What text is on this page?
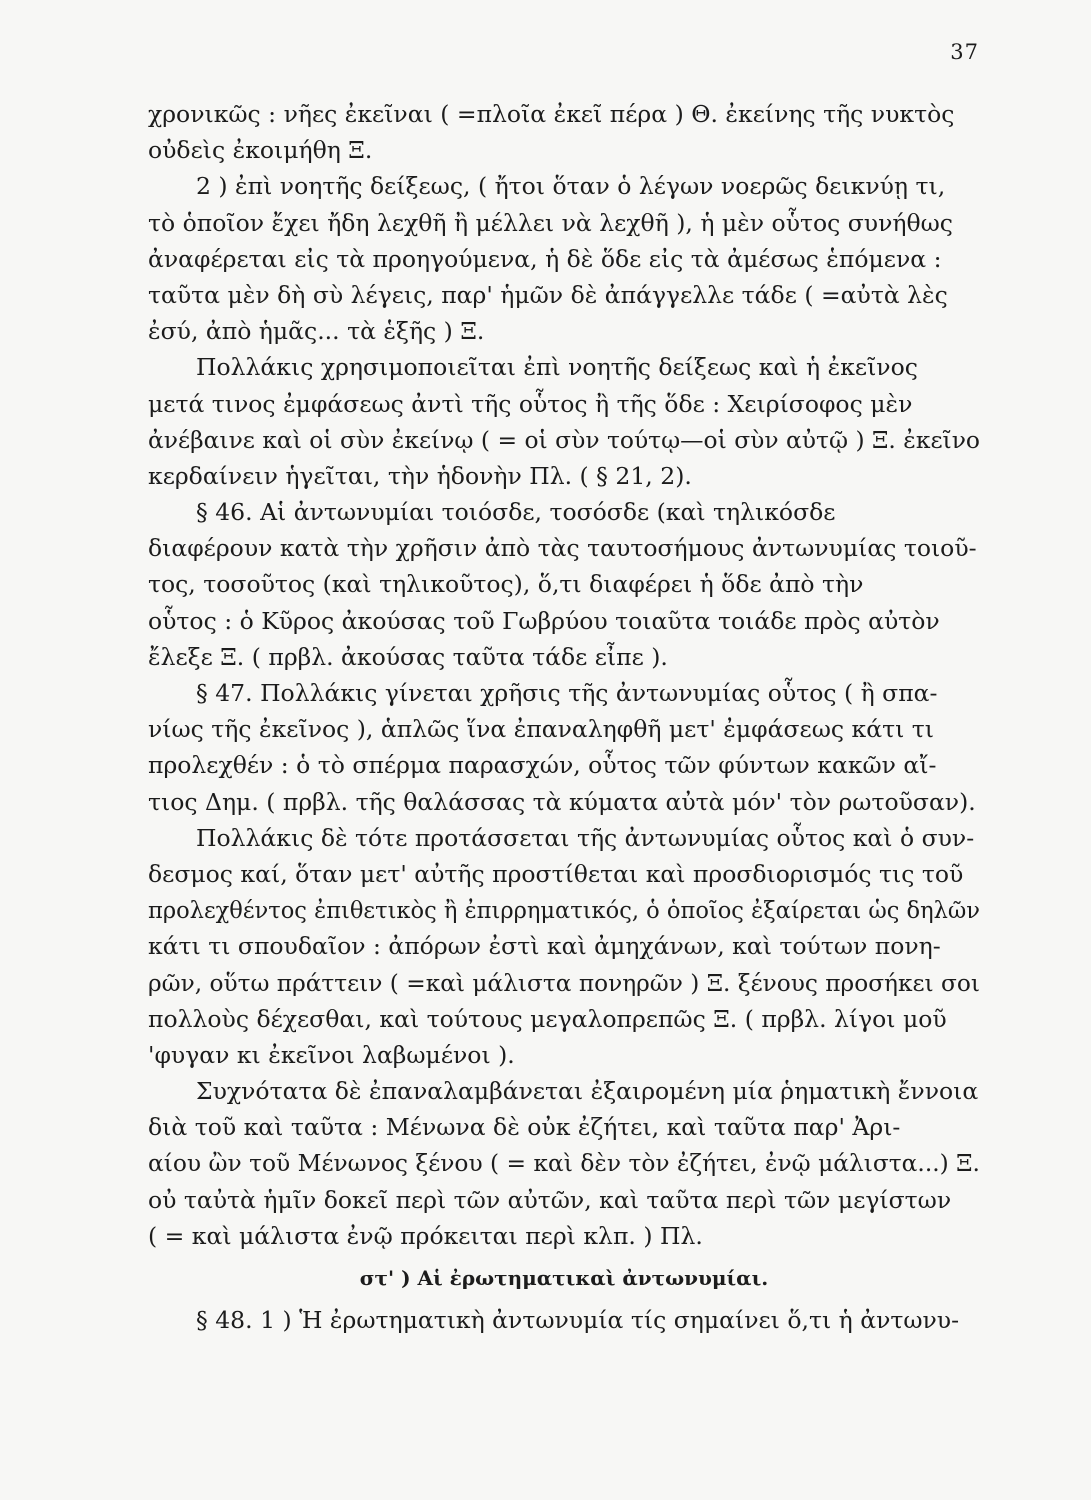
37
χρονικῶς : νῆες ἐκεῖναι ( =πλοῖα ἐκεῖ πέρα ) Θ. ἐκείνης τῆς νυκτὸς
οὐδεὶς ἐκοιμήθη Ξ.
2 ) ἐπὶ νοητῆς δείξεως, ( ἤτοι ὅταν ὁ λέγων νοερῶς δεικνύῃ τι,
τὸ ὁποῖον ἔχει ἤδη λεχθῆ ἢ μέλλει νὰ λεχθῆ ), ἡ μὲν οὗτος συνήθως
ἀναφέρεται εἰς τὰ προηγούμενα, ἡ δὲ ὅδε εἰς τὰ ἀμέσως ἑπόμενα :
ταῦτα μὲν δὴ σὺ λέγεις, παρ' ἡμῶν δὲ ἀπάγγελλε τάδε ( =αὐτὰ λὲς
ἐσύ, ἀπὸ ἡμᾶς... τὰ ἑξῆς ) Ξ.
Πολλάκις χρησιμοποιεῖται ἐπὶ νοητῆς δείξεως καὶ ἡ ἐκεῖνος
μετά τινος ἐμφάσεως ἀντὶ τῆς οὗτος ἢ τῆς ὅδε : Χειρίσοφος μὲν
ἀνέβαινε καὶ οἱ σὺν ἐκείνῳ ( = οἱ σὺν τούτῳ—οἱ σὺν αὐτῷ ) Ξ. ἐκεῖνο
κερδαίνειν ἡγεῖται, τὴν ἡδονὴν Πλ. ( § 21, 2).
§ 46. Αἱ ἀντωνυμίαι τοιόσδε, τοσόσδε (καὶ τηλικόσδε
διαφέρουν κατὰ τὴν χρῆσιν ἀπὸ τὰς ταυτοσήμους ἀντωνυμίας τοιοῦ-
τος, τοσοῦτος (καὶ τηλικοῦτος), ὅ,τι διαφέρει ἡ ὅδε ἀπὸ τὴν
οὗτος : ὁ Κῦρος ἀκούσας τοῦ Γωβρύου τοιαῦτα τοιάδε πρὸς αὐτὸν
ἔλεξε Ξ. ( πρβλ. ἀκούσας ταῦτα τάδε εἶπε ).
§ 47. Πολλάκις γίνεται χρῆσις τῆς ἀντωνυμίας οὗτος ( ἢ σπα-
νίως τῆς ἐκεῖνος ), ἁπλῶς ἵνα ἐπαναληφθῆ μετ' ἐμφάσεως κάτι τι
προλεχθέν : ὁ τὸ σπέρμα παρασχών, οὗτος τῶν φύντων κακῶν αἴ-
τιος Δημ. ( πρβλ. τῆς θαλάσσας τὰ κύματα αὐτὰ μόν' τὸν ρωτοῦσαν).
Πολλάκις δὲ τότε προτάσσεται τῆς ἀντωνυμίας οὗτος καὶ ὁ συν-
δεσμος καί, ὅταν μετ' αὐτῆς προστίθεται καὶ προσδιορισμός τις τοῦ
προλεχθέντος ἐπιθετικὸς ἢ ἐπιρρηματικός, ὁ ὁποῖος ἐξαίρεται ὡς δηλῶν
κάτι τι σπουδαῖον : ἀπόρων ἐστὶ καὶ ἀμηχάνων, καὶ τούτων πονη-
ρῶν, οὕτω πράττειν ( =καὶ μάλιστα πονηρῶν ) Ξ. ξένους προσήκει σοι
πολλοὺς δέχεσθαι, καὶ τούτους μεγαλοπρεπῶς Ξ. ( πρβλ. λίγοι μοῦ
'φυγαν κι ἐκεῖνοι λαβωμένοι ).
Συχνότατα δὲ ἐπαναλαμβάνεται ἐξαιρομένη μία ῥηματικὴ ἔννοια
διὰ τοῦ καὶ ταῦτα : Μένωνα δὲ οὐκ ἐζήτει, καὶ ταῦτα παρ' Ἀρι-
αίου ὢν τοῦ Μένωνος ξένου ( = καὶ δὲν τὸν ἐζήτει, ἐνῷ μάλιστα...) Ξ.
οὐ ταὐτὰ ἡμῖν δοκεῖ περὶ τῶν αὐτῶν, καὶ ταῦτα περὶ τῶν μεγίστων
( = καὶ μάλιστα ἐνῷ πρόκειται περὶ κλπ. ) Πλ.
στ' ) Αἱ ἐρωτηματικαὶ ἀντωνυμίαι.
§ 48. 1 ) Ἡ ἐρωτηματικὴ ἀντωνυμία τίς σημαίνει ὅ,τι ἡ ἀντωνυ-
